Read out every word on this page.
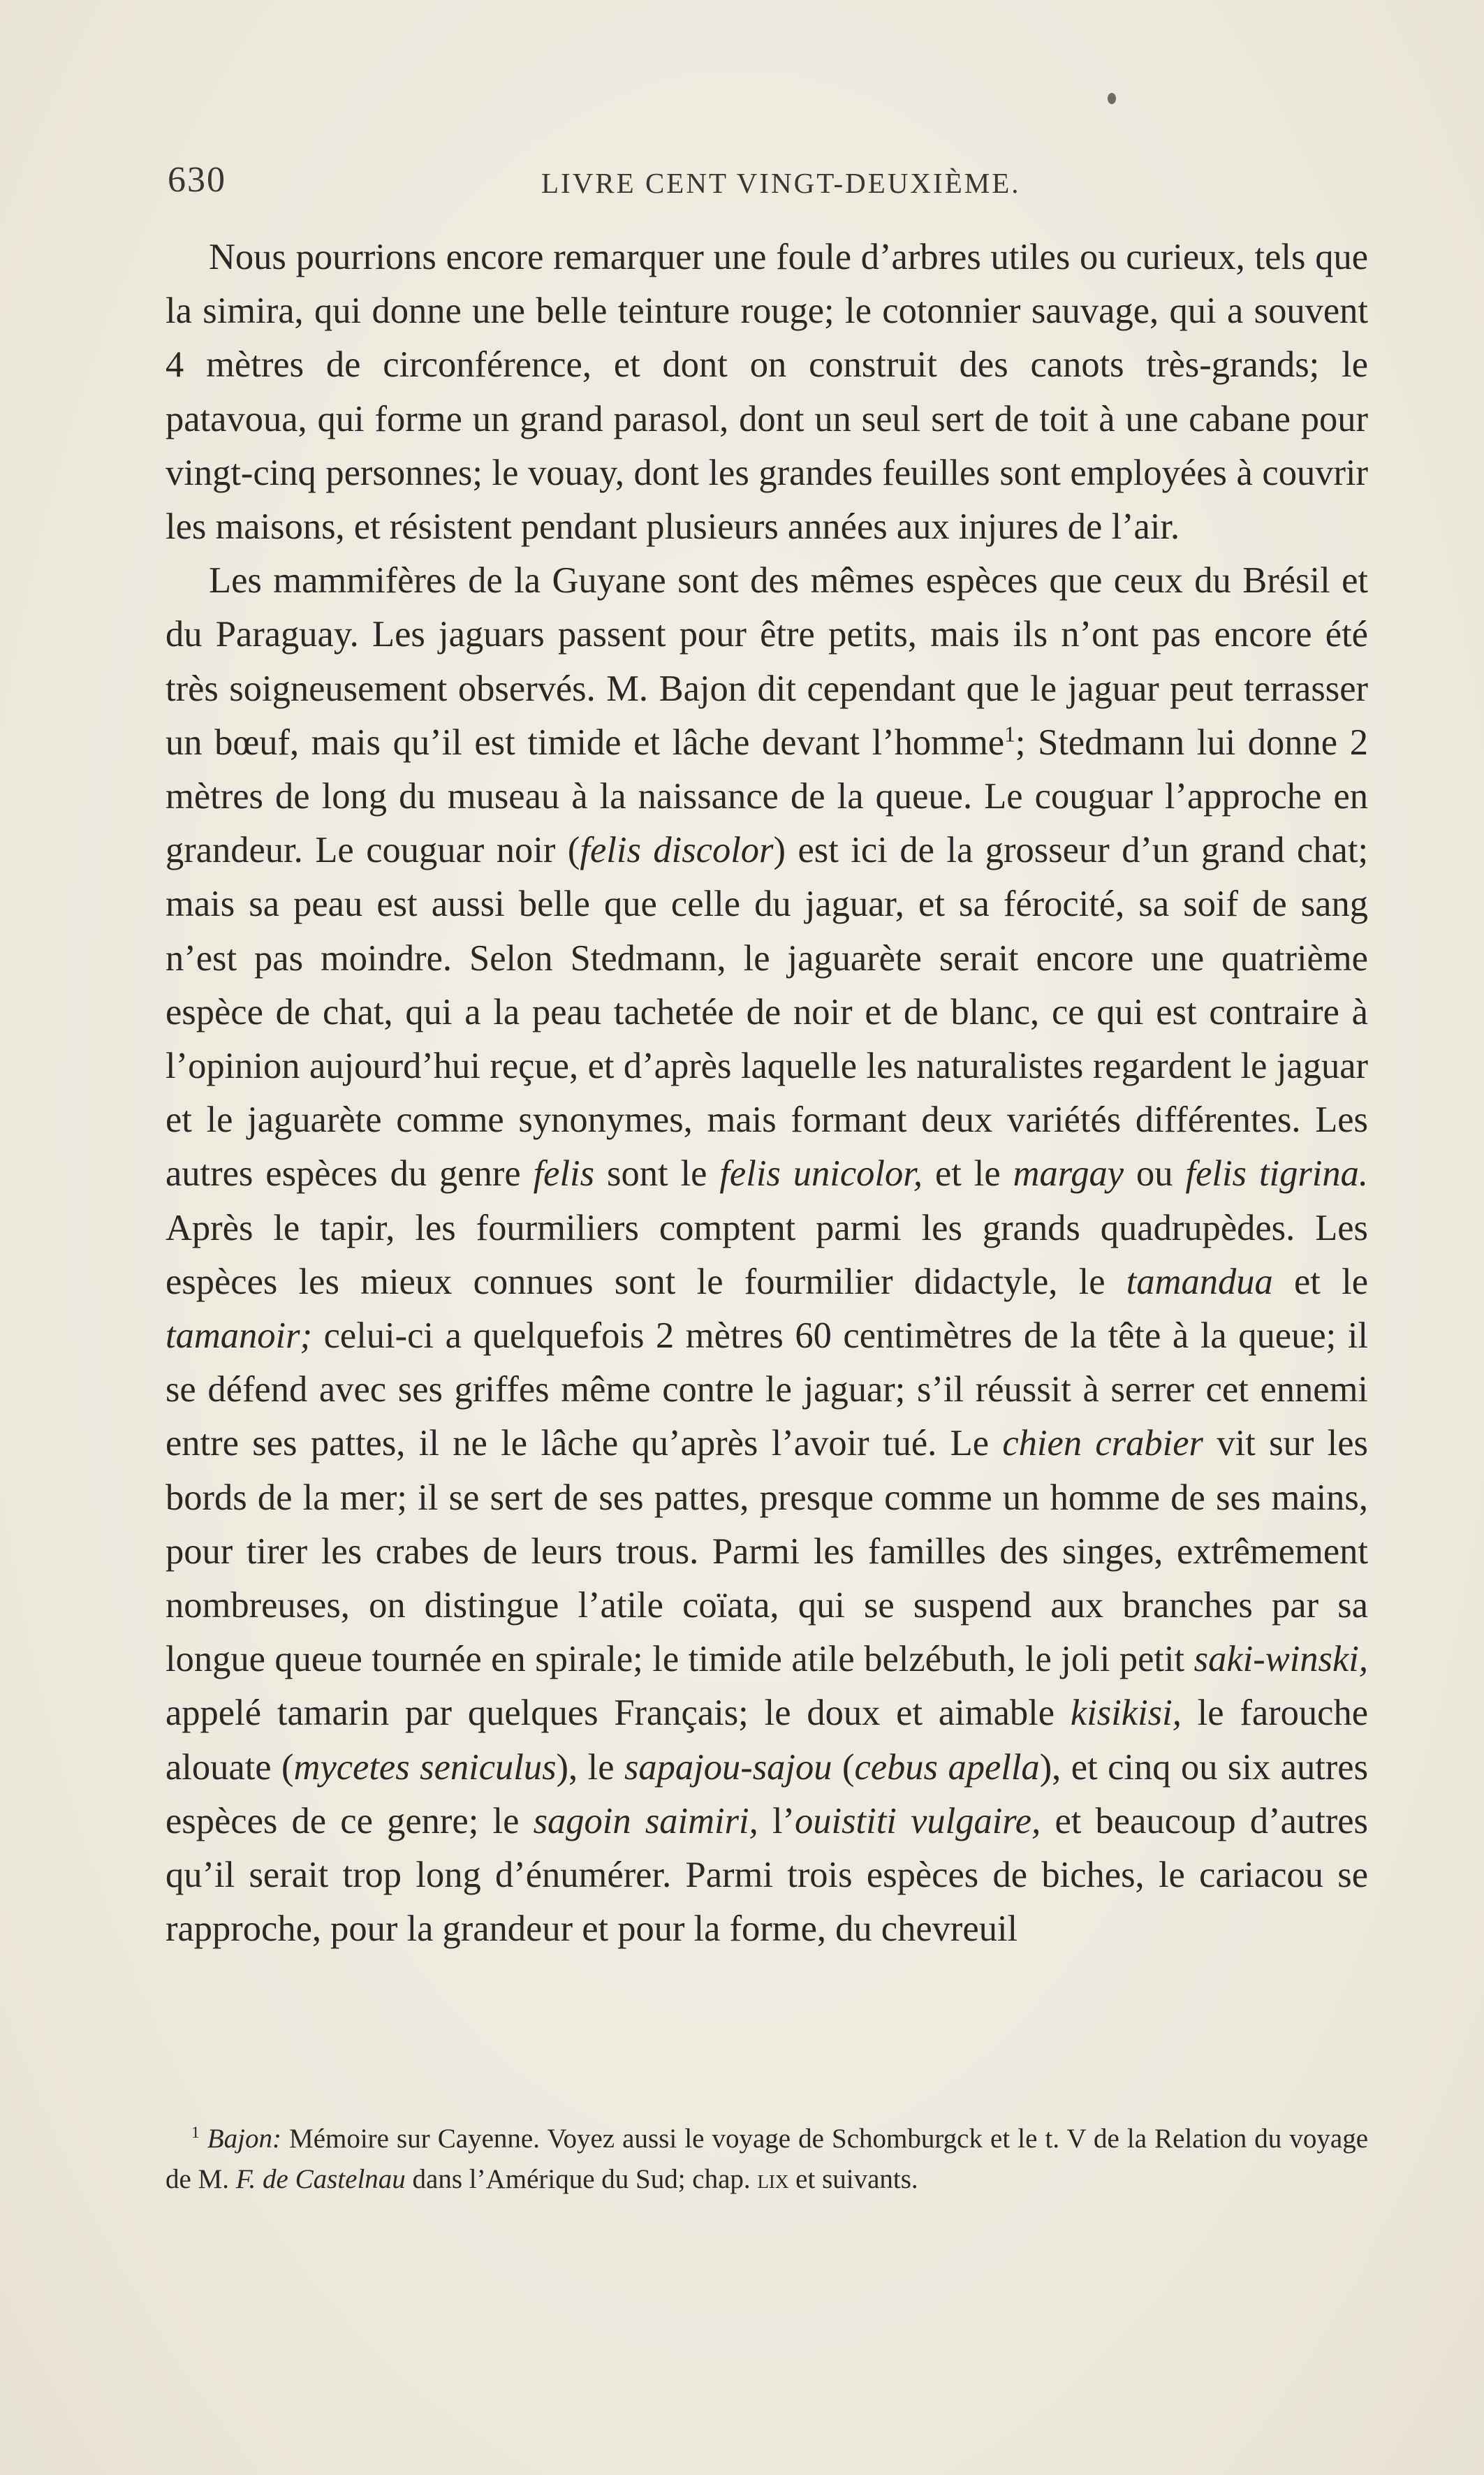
630	LIVRE CENT VINGT-DEUXIÈME.

Nous pourrions encore remarquer une foule d’arbres utiles ou curieux, tels que la simira, qui donne une belle teinture rouge; le cotonnier sauvage, qui a souvent 4 mètres de circonférence, et dont on construit des canots très-grands; le patavoua, qui forme un grand parasol, dont un seul sert de toit à une cabane pour vingt-cinq personnes; le vouay, dont les grandes feuilles sont employées à couvrir les maisons, et résistent pendant plusieurs années aux injures de l’air.

Les mammifères de la Guyane sont des mêmes espèces que ceux du Brésil et du Paraguay. Les jaguars passent pour être petits, mais ils n’ont pas encore été très soigneusement observés. M. Bajon dit cependant que le jaguar peut terrasser un bœuf, mais qu’il est timide et lâche devant l’homme$^1$; Stedmann lui donne 2 mètres de long du museau à la naissance de la queue. Le couguar l’approche en grandeur. Le couguar noir (felis discolor) est ici de la grosseur d’un grand chat; mais sa peau est aussi belle que celle du jaguar, et sa férocité, sa soif de sang n’est pas moindre. Selon Stedmann, le jaguarète serait encore une quatrième espèce de chat, qui a la peau tachetée de noir et de blanc, ce qui est contraire à l’opinion aujourd’hui reçue, et d’après laquelle les naturalistes regardent le jaguar et le jaguarète comme synonymes, mais formant deux variétés différentes. Les autres espèces du genre felis sont le felis unicolor, et le margay ou felis tigrina. Après le tapir, les fourmiliers comptent parmi les grands quadrupèdes. Les espèces les mieux connues sont le fourmilier didactyle, le tamandua et le tamanoir; celui-ci a quelquefois 2 mètres 60 centimètres de la tête à la queue; il se défend avec ses griffes même contre le jaguar; s’il réussit à serrer cet ennemi entre ses pattes, il ne le lâche qu’après l’avoir tué. Le chien crabier vit sur les bords de la mer; il se sert de ses pattes, presque comme un homme de ses mains, pour tirer les crabes de leurs trous. Parmi les familles des singes, extrêmement nombreuses, on distingue l’atile coïata, qui se suspend aux branches par sa longue queue tournée en spirale; le timide atile belzébuth, le joli petit saki-winski, appelé tamarin par quelques Français; le doux et aimable kisikisi, le farouche alouate (mycetes seniculus), le sapajou-sajou (cebus apella), et cinq ou six autres espèces de ce genre; le sagoin saimiri, l’ouistiti vulgaire, et beaucoup d’autres qu’il serait trop long d’énumérer. Parmi trois espèces de biches, le cariacou se rapproche, pour la grandeur et pour la forme, du chevreuil

$^1$ Bajon: Mémoire sur Cayenne. Voyez aussi le voyage de Schomburgck et le t. V de la Relation du voyage de M. F. de Castelnau dans l’Amérique du Sud; chap. lix et suivants.
